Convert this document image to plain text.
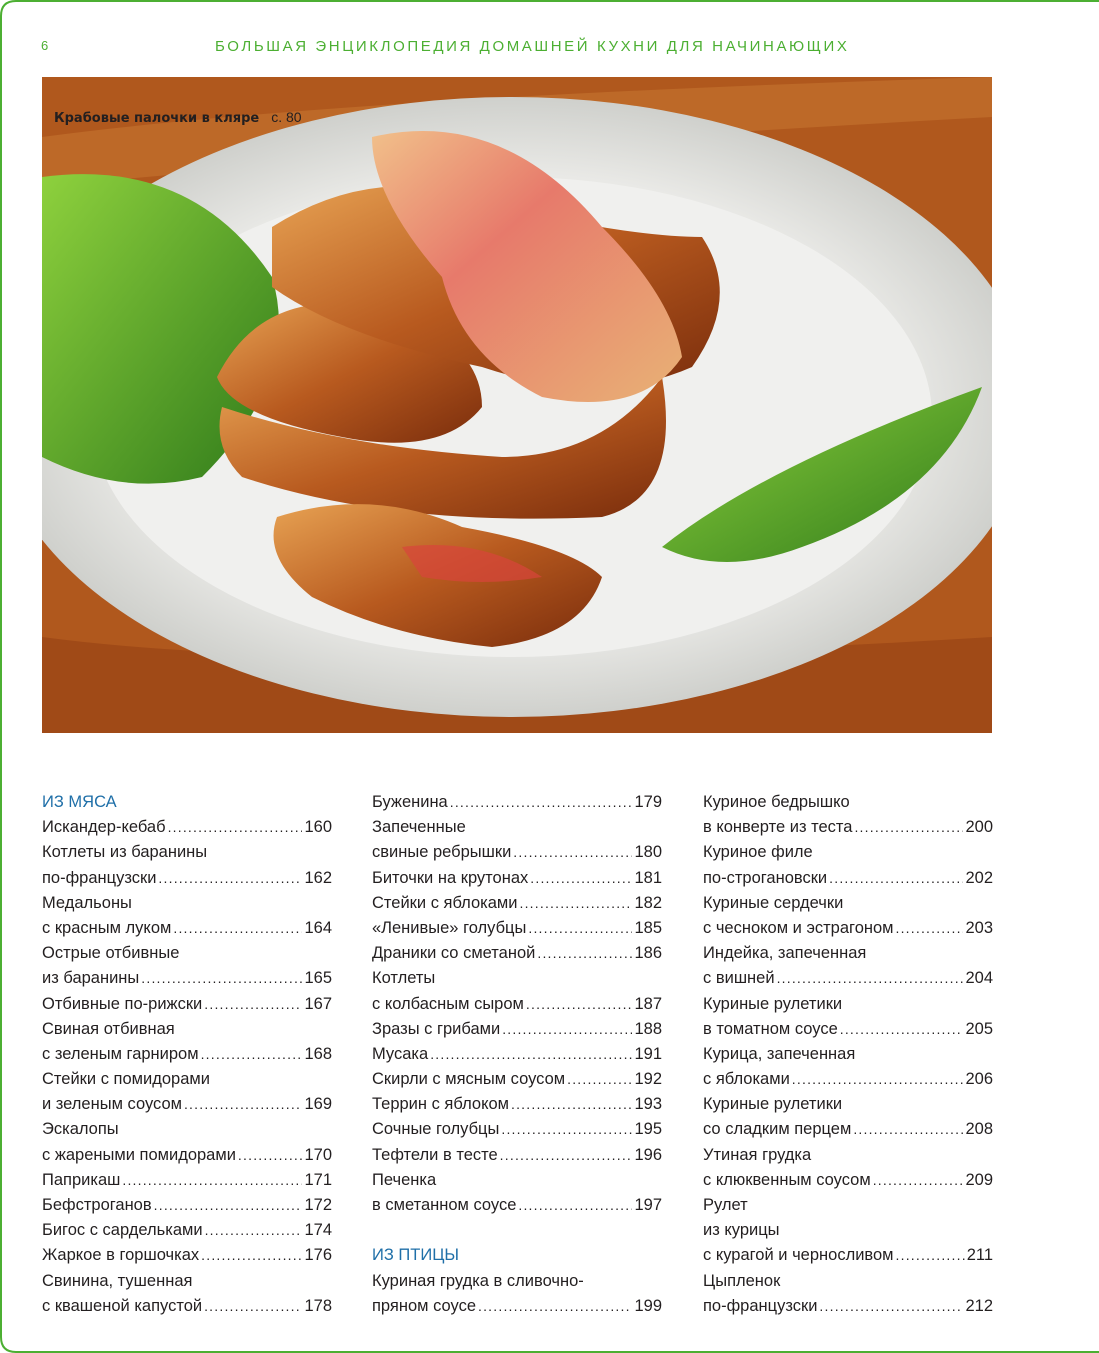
6	БОЛЬШАЯ ЭНЦИКЛОПЕДИЯ ДОМАШНЕЙ КУХНИ ДЛЯ НАЧИНАЮЩИХ
Крабовые палочки в кляре с. 80
ИЗ МЯСА
Искандер-кебаб .....	160
Котлеты из баранины
по-французски .....	162
Медальоны
с красным луком .....	164
Острые отбивные
из баранины .....	165
Отбивные по-рижски .....	167
Свиная отбивная
с зеленым гарниром .....	168
Стейки с помидорами
и зеленым соусом .....	169
Эскалопы
с жареными помидорами .....	170
Паприкаш .....	171
Бефстроганов .....	172
Бигос с сардельками .....	174
Жаркое в горшочках .....	176
Свинина, тушенная
с квашеной капустой .....	178
Буженина .....	179
Запеченные
свиные ребрышки .....	180
Биточки на крутонах .....	181
Стейки с яблоками .....	182
«Ленивые» голубцы .....	185
Драники со сметаной .....	186
Котлеты
с колбасным сыром .....	187
Зразы с грибами .....	188
Мусака .....	191
Скирли с мясным соусом .....	192
Террин с яблоком .....	193
Сочные голубцы .....	195
Тефтели в тесте .....	196
Печенка
в сметанном соусе .....	197
ИЗ ПТИЦЫ
Куриная грудка в сливочно-
пряном соусе .....	199
Куриное бедрышко
в конверте из теста .....	200
Куриное филе
по-строгановски .....	202
Куриные сердечки
с чесноком и эстрагоном .....	203
Индейка, запеченная
с вишней .....	204
Куриные рулетики
в томатном соусе .....	205
Курица, запеченная
с яблоками .....	206
Куриные рулетики
со сладким перцем .....	208
Утиная грудка
с клюквенным соусом .....	209
Рулет
из курицы
с курагой и черносливом .....	211
Цыпленок
по-французски .....	212
